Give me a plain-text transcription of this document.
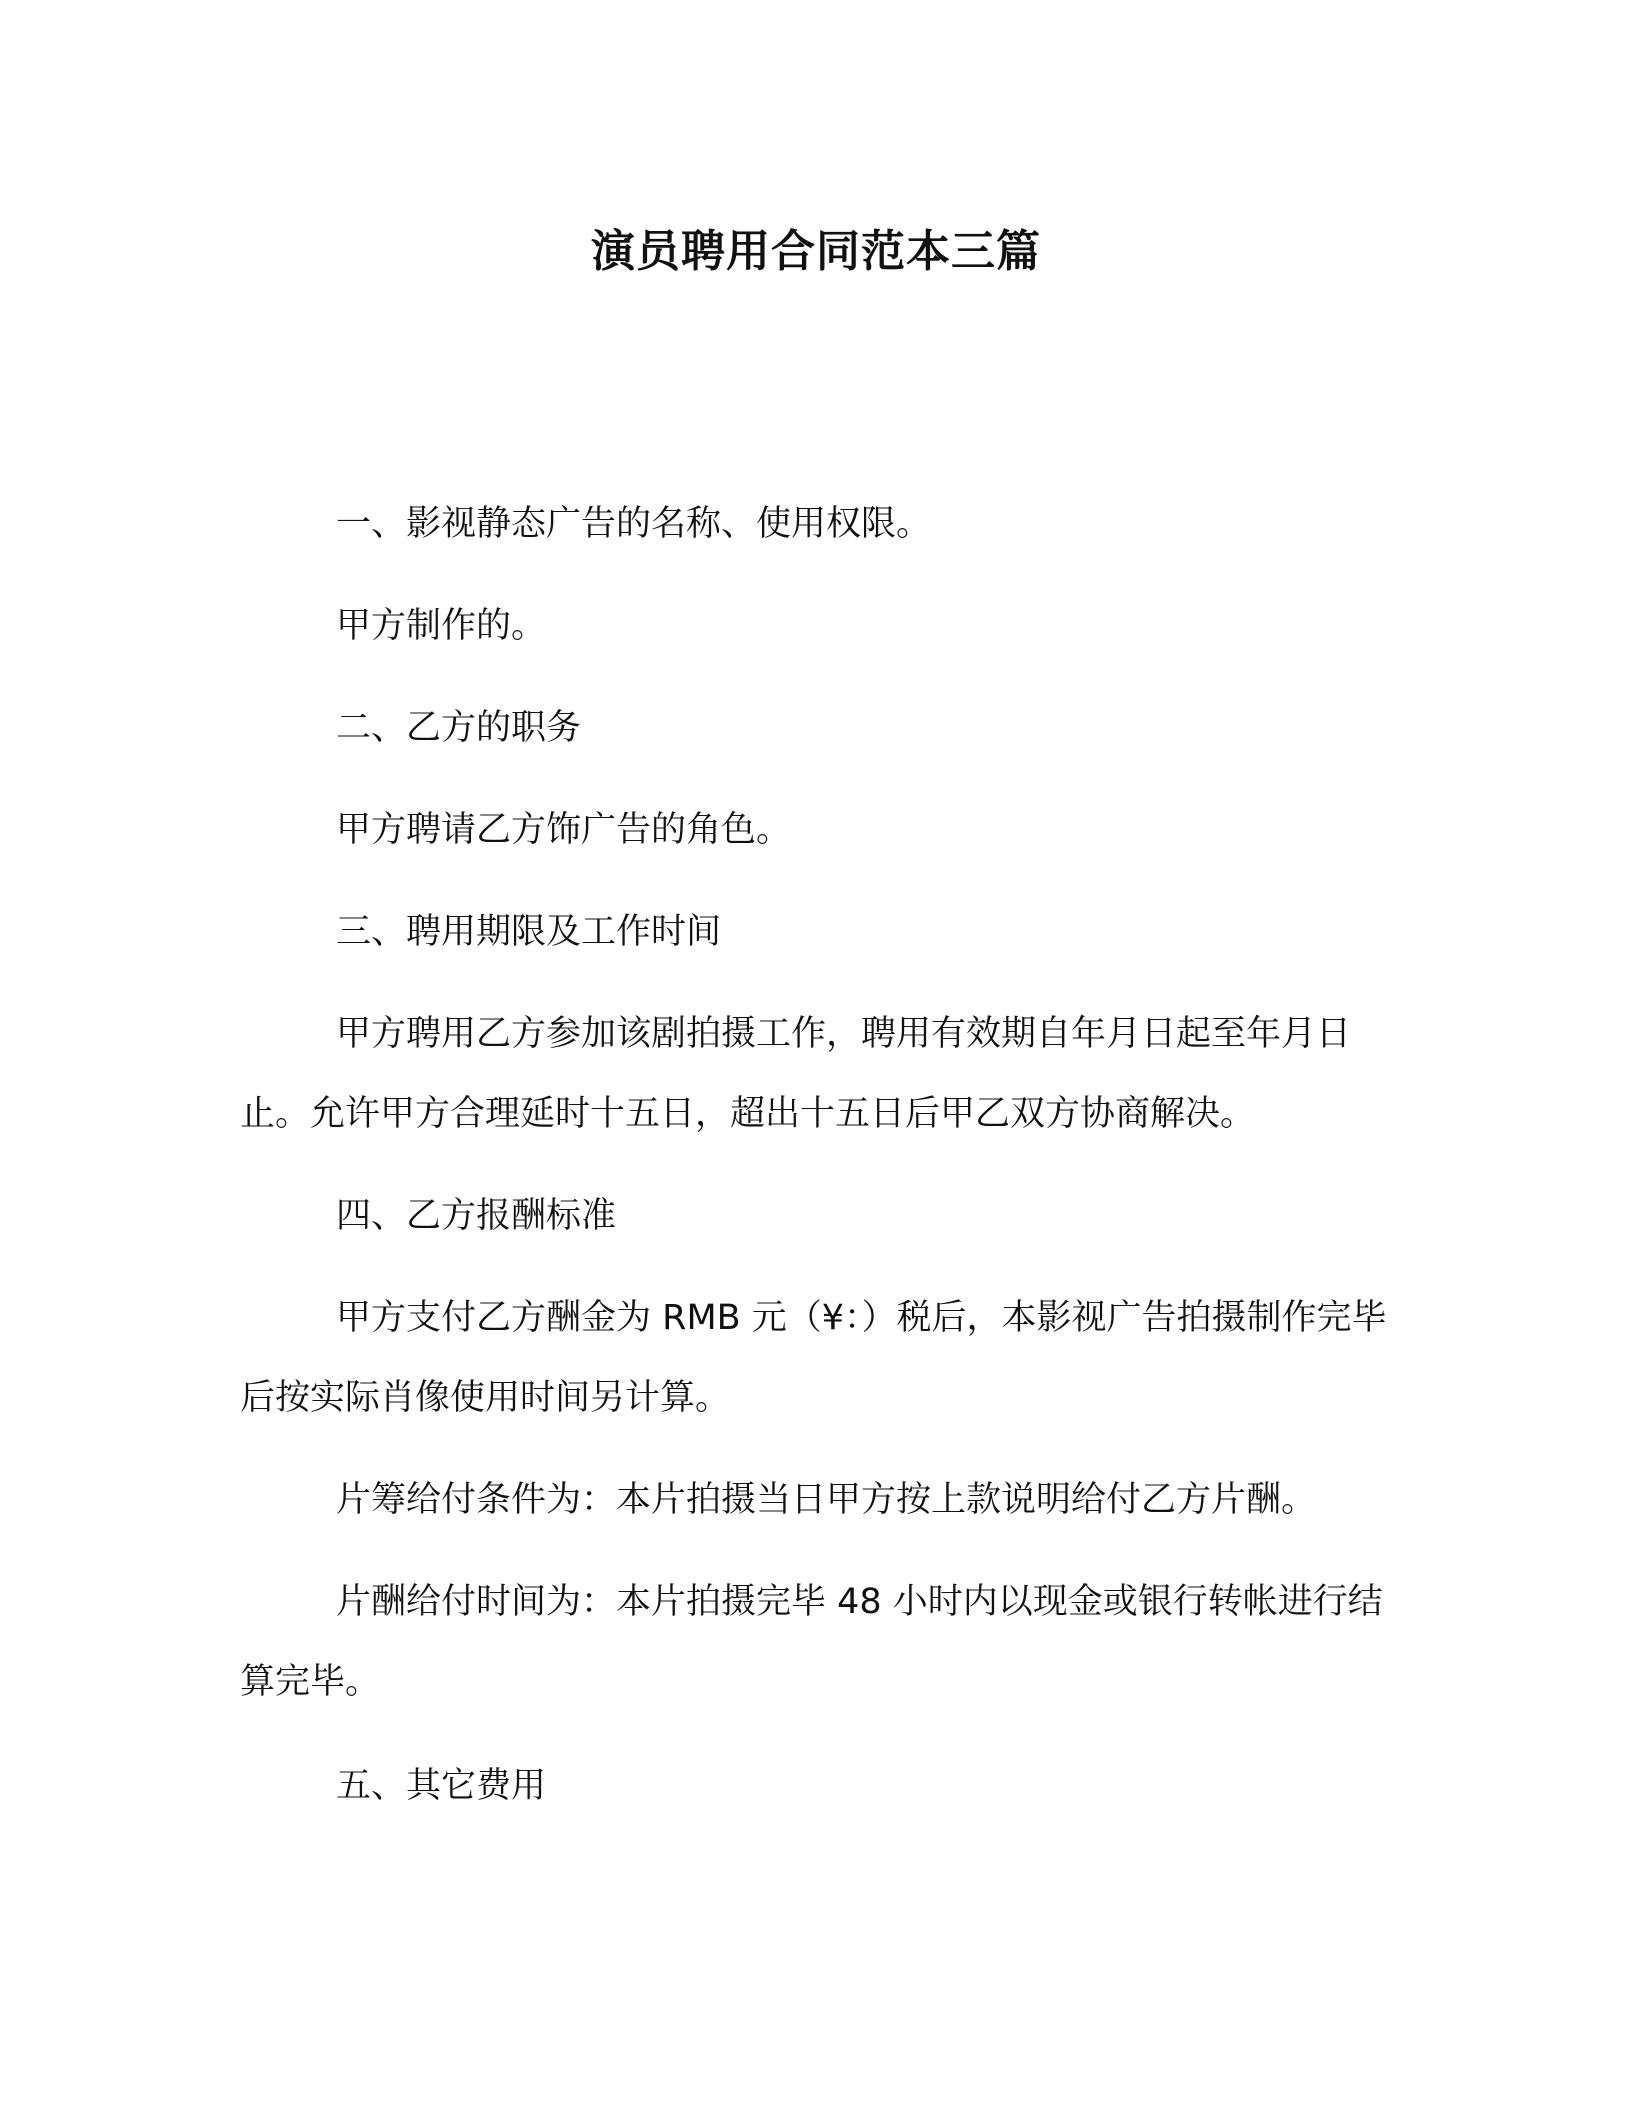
演员聘用合同范本三篇

一、影视静态广告的名称、使用权限。

甲方制作的。

二、乙方的职务

甲方聘请乙方饰广告的角色。

三、聘用期限及工作时间

甲方聘用乙方参加该剧拍摄工作，聘用有效期自年月日起至年月日止。允许甲方合理延时十五日，超出十五日后甲乙双方协商解决。

四、乙方报酬标准

甲方支付乙方酬金为 RMB 元（¥：）税后，本影视广告拍摄制作完毕后按实际肖像使用时间另计算。

片筹给付条件为：本片拍摄当日甲方按上款说明给付乙方片酬。

片酬给付时间为：本片拍摄完毕 48 小时内以现金或银行转帐进行结算完毕。

五、其它费用
